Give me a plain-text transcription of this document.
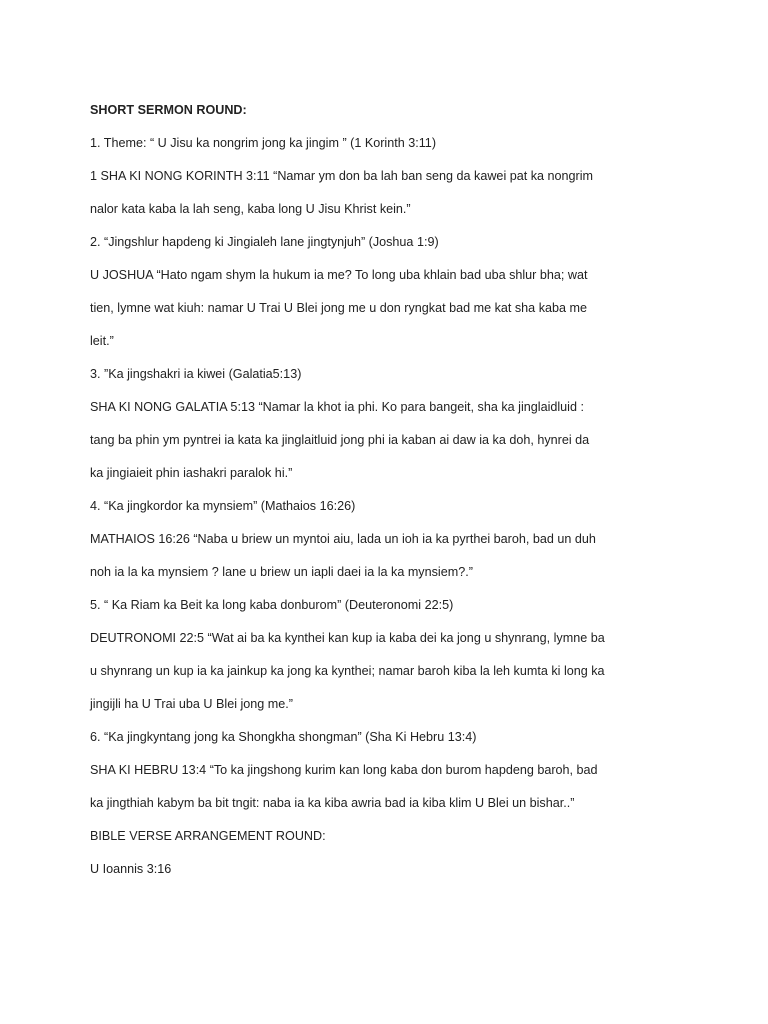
SHORT SERMON ROUND:

1. Theme: “ U Jisu ka nongrim jong ka jingim ” (1 Korinth 3:11)

1 SHA KI NONG KORINTH 3:11 “Namar ym don ba lah ban seng da kawei pat ka nongrim

nalor kata kaba la lah seng, kaba long U Jisu Khrist kein.”

2. “Jingshlur hapdeng ki Jingialeh lane jingtynjuh” (Joshua 1:9)

U JOSHUA “Hato ngam shym la hukum ia me? To long uba khlain bad uba shlur bha; wat

tien, lymne wat kiuh: namar U Trai U Blei jong me u don ryngkat bad me kat sha kaba me

leit.”

3. ”Ka jingshakri ia kiwei (Galatia5:13)

SHA KI NONG GALATIA 5:13 “Namar la khot ia phi. Ko para bangeit, sha ka jinglaidluid :

tang ba phin ym pyntrei ia kata ka jinglaitluid jong phi ia kaban ai daw ia ka doh, hynrei da

ka jingiaieit phin iashakri paralok hi.”

4. “Ka jingkordor ka mynsiem” (Mathaios 16:26)

MATHAIOS 16:26 “Naba u briew un myntoi aiu, lada un ioh ia ka pyrthei baroh, bad un duh

noh ia la ka mynsiem ? lane u briew un iapli daei ia la ka mynsiem?.”

5. “ Ka Riam ka Beit ka long kaba donburom” (Deuteronomi 22:5)

DEUTRONOMI 22:5 “Wat ai ba ka kynthei kan kup ia kaba dei ka jong u shynrang, lymne ba

u shynrang un kup ia ka jainkup ka jong ka kynthei; namar baroh kiba la leh kumta ki long ka

jingijli ha U Trai uba U Blei jong me.”

6. “Ka jingkyntang jong ka Shongkha shongman” (Sha Ki Hebru 13:4)

SHA KI HEBRU 13:4 “To ka jingshong kurim kan long kaba don burom hapdeng baroh, bad

ka jingthiah kabym ba bit tngit: naba ia ka kiba awria bad ia kiba klim U Blei un bishar..”

BIBLE VERSE ARRANGEMENT ROUND:

U Ioannis 3:16
